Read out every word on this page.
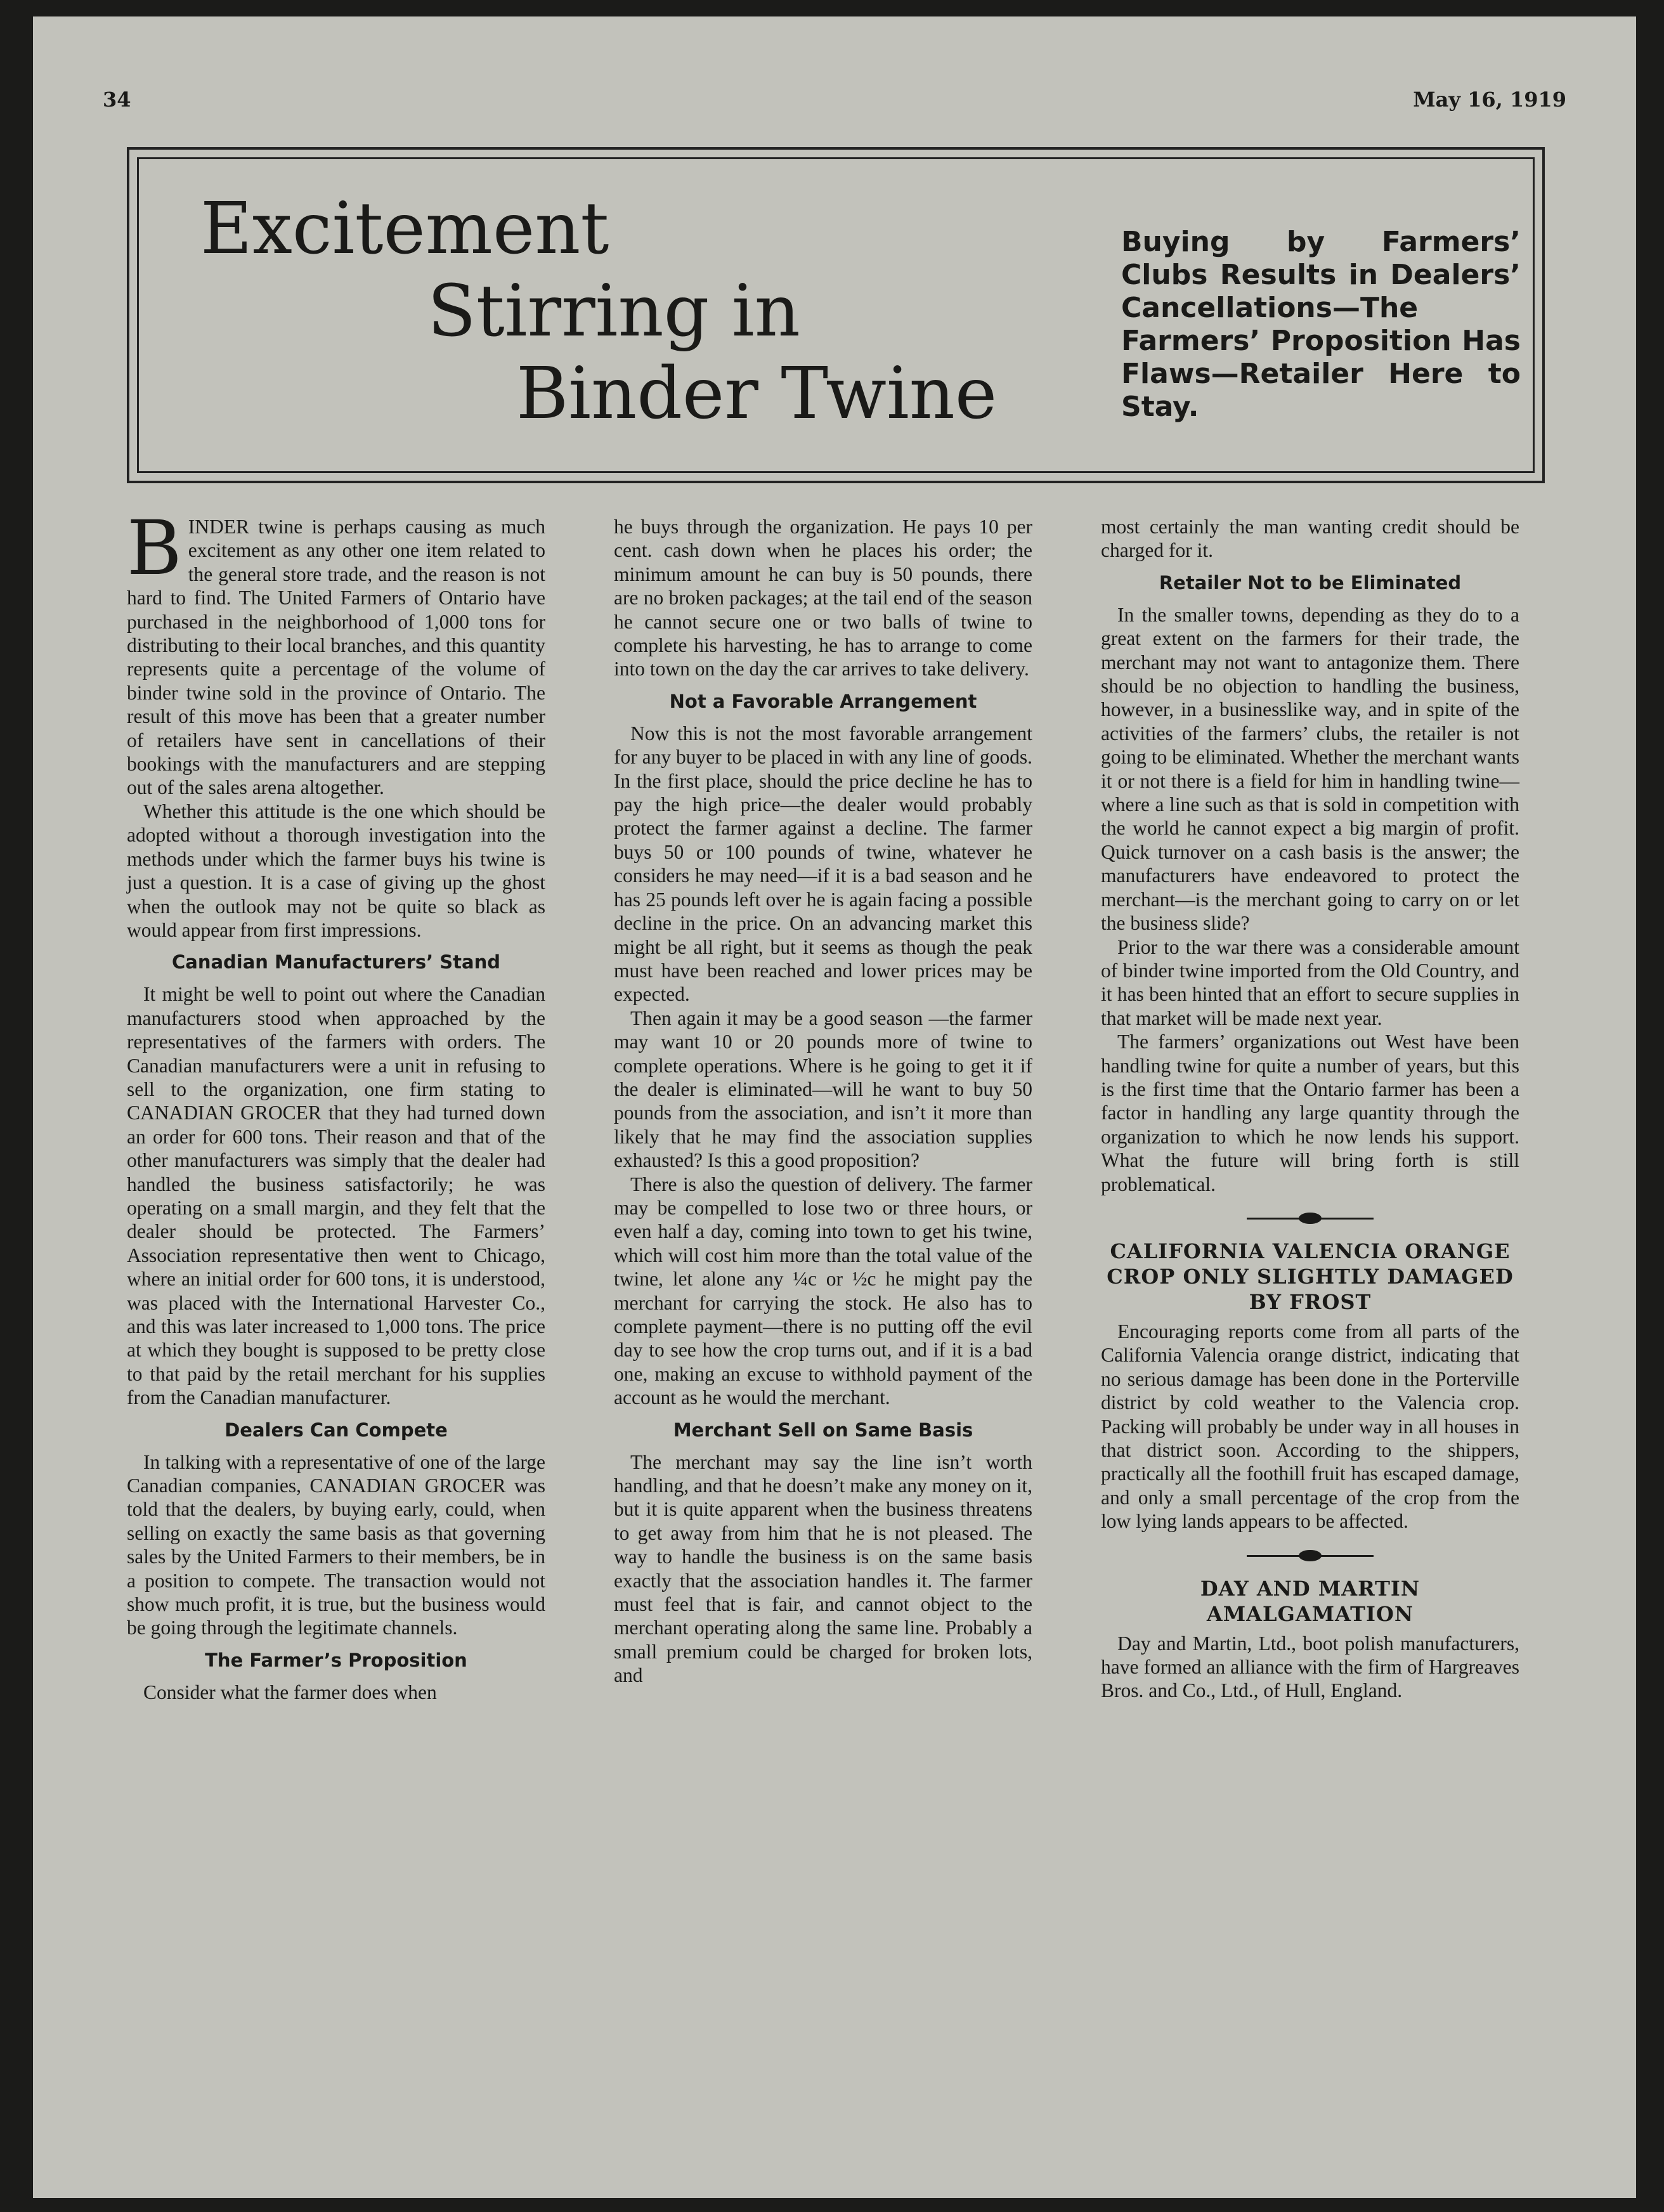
34	May 16, 1919
Excitement
Stirring in
Binder Twine
Buying by Farmers’ Clubs Results in Dealers’ Cancellations—The Farmers’ Proposition Has Flaws—Retailer Here to Stay.

BINDER twine is perhaps causing as much excitement as any other one item related to the general store trade, and the reason is not hard to find. The United Farmers of Ontario have purchased in the neighborhood of 1,000 tons for distributing to their local branches, and this quantity represents quite a percentage of the volume of binder twine sold in the province of Ontario. The result of this move has been that a greater number of retailers have sent in cancellations of their bookings with the manufacturers and are stepping out of the sales arena altogether.

Whether this attitude is the one which should be adopted without a thorough investigation into the methods under which the farmer buys his twine is just a question. It is a case of giving up the ghost when the outlook may not be quite so black as would appear from first impressions.

Canadian Manufacturers’ Stand

It might be well to point out where the Canadian manufacturers stood when approached by the representatives of the farmers with orders. The Canadian manufacturers were a unit in refusing to sell to the organization, one firm stating to CANADIAN GROCER that they had turned down an order for 600 tons. Their reason and that of the other manufacturers was simply that the dealer had handled the business satisfactorily; he was operating on a small margin, and they felt that the dealer should be protected. The Farmers’ Association representative then went to Chicago, where an initial order for 600 tons, it is understood, was placed with the International Harvester Co., and this was later increased to 1,000 tons. The price at which they bought is supposed to be pretty close to that paid by the retail merchant for his supplies from the Canadian manufacturer.

Dealers Can Compete

In talking with a representative of one of the large Canadian companies, CANADIAN GROCER was told that the dealers, by buying early, could, when selling on exactly the same basis as that governing sales by the United Farmers to their members, be in a position to compete. The transaction would not show much profit, it is true, but the business would be going through the legitimate channels.

The Farmer’s Proposition

Consider what the farmer does when

he buys through the organization. He pays 10 per cent. cash down when he places his order; the minimum amount he can buy is 50 pounds, there are no broken packages; at the tail end of the season he cannot secure one or two balls of twine to complete his harvesting, he has to arrange to come into town on the day the car arrives to take delivery.

Not a Favorable Arrangement

Now this is not the most favorable arrangement for any buyer to be placed in with any line of goods. In the first place, should the price decline he has to pay the high price—the dealer would probably protect the farmer against a decline. The farmer buys 50 or 100 pounds of twine, whatever he considers he may need—if it is a bad season and he has 25 pounds left over he is again facing a possible decline in the price. On an advancing market this might be all right, but it seems as though the peak must have been reached and lower prices may be expected.

Then again it may be a good season —the farmer may want 10 or 20 pounds more of twine to complete operations. Where is he going to get it if the dealer is eliminated—will he want to buy 50 pounds from the association, and isn’t it more than likely that he may find the association supplies exhausted? Is this a good proposition?

There is also the question of delivery. The farmer may be compelled to lose two or three hours, or even half a day, coming into town to get his twine, which will cost him more than the total value of the twine, let alone any ¼c or ½c he might pay the merchant for carrying the stock. He also has to complete payment—there is no putting off the evil day to see how the crop turns out, and if it is a bad one, making an excuse to withhold payment of the account as he would the merchant.

Merchant Sell on Same Basis

The merchant may say the line isn’t worth handling, and that he doesn’t make any money on it, but it is quite apparent when the business threatens to get away from him that he is not pleased. The way to handle the business is on the same basis exactly that the association handles it. The farmer must feel that is fair, and cannot object to the merchant operating along the same line. Probably a small premium could be charged for broken lots, and

most certainly the man wanting credit should be charged for it.

Retailer Not to be Eliminated

In the smaller towns, depending as they do to a great extent on the farmers for their trade, the merchant may not want to antagonize them. There should be no objection to handling the business, however, in a businesslike way, and in spite of the activities of the farmers’ clubs, the retailer is not going to be eliminated. Whether the merchant wants it or not there is a field for him in handling twine—where a line such as that is sold in competition with the world he cannot expect a big margin of profit. Quick turnover on a cash basis is the answer; the manufacturers have endeavored to protect the merchant—is the merchant going to carry on or let the business slide?

Prior to the war there was a considerable amount of binder twine imported from the Old Country, and it has been hinted that an effort to secure supplies in that market will be made next year.

The farmers’ organizations out West have been handling twine for quite a number of years, but this is the first time that the Ontario farmer has been a factor in handling any large quantity through the organization to which he now lends his support. What the future will bring forth is still problematical.

CALIFORNIA VALENCIA ORANGE CROP ONLY SLIGHTLY DAMAGED BY FROST

Encouraging reports come from all parts of the California Valencia orange district, indicating that no serious damage has been done in the Porterville district by cold weather to the Valencia crop. Packing will probably be under way in all houses in that district soon. According to the shippers, practically all the foothill fruit has escaped damage, and only a small percentage of the crop from the low lying lands appears to be affected.

DAY AND MARTIN AMALGAMATION

Day and Martin, Ltd., boot polish manufacturers, have formed an alliance with the firm of Hargreaves Bros. and Co., Ltd., of Hull, England.
